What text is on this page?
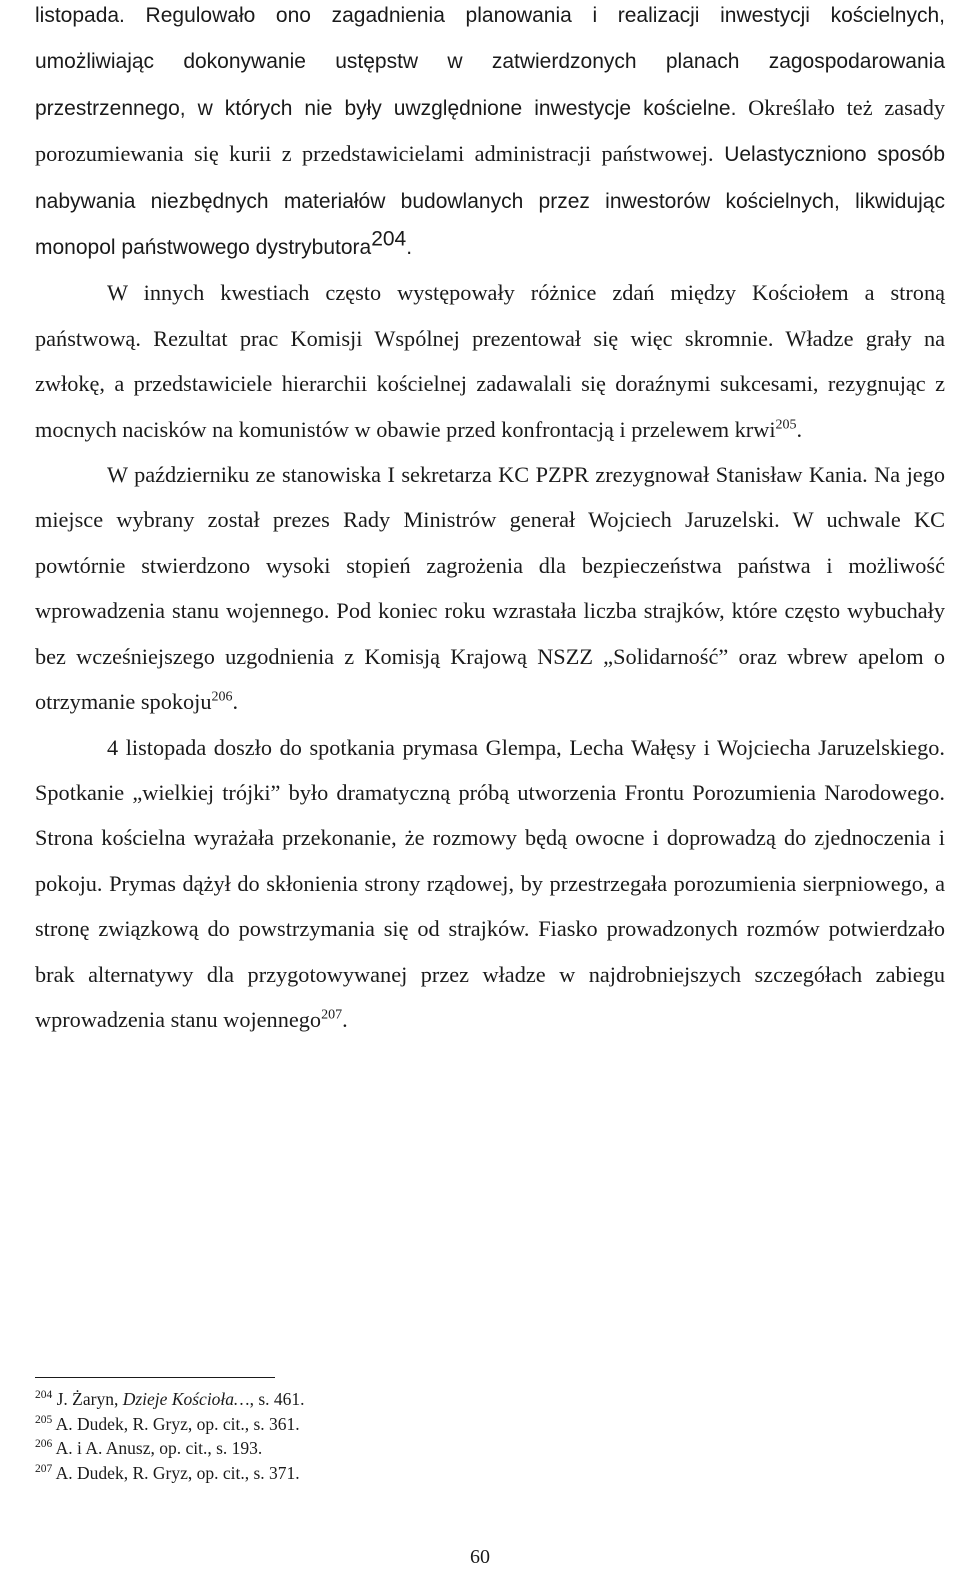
listopada. Regulowało ono zagadnienia planowania i realizacji inwestycji kościelnych, umożliwiając dokonywanie ustępstw w zatwierdzonych planach zagospodarowania przestrzennego, w których nie były uwzględnione inwestycje kościelne. Określało też zasady porozumiewania się kurii z przedstawicielami administracji państwowej. Uelastyczniono sposób nabywania niezbędnych materiałów budowlanych przez inwestorów kościelnych, likwidując monopol państwowego dystrybutora$^{204}$.

W innych kwestiach często występowały różnice zdań między Kościołem a stroną państwową. Rezultat prac Komisji Wspólnej prezentował się więc skromnie. Władze grały na zwłokę, a przedstawiciele hierarchii kościelnej zadawalali się doraźnymi sukcesami, rezygnując z mocnych nacisków na komunistów w obawie przed konfrontacją i przelewem krwi$^{205}$.

W październiku ze stanowiska I sekretarza KC PZPR zrezygnował Stanisław Kania. Na jego miejsce wybrany został prezes Rady Ministrów generał Wojciech Jaruzelski. W uchwale KC powtórnie stwierdzono wysoki stopień zagrożenia dla bezpieczeństwa państwa i możliwość wprowadzenia stanu wojennego. Pod koniec roku wzrastała liczba strajków, które często wybuchały bez wcześniejszego uzgodnienia z Komisją Krajową NSZZ „Solidarność” oraz wbrew apelom o otrzymanie spokoju$^{206}$.

4 listopada doszło do spotkania prymasa Glempa, Lecha Wałęsy i Wojciecha Jaruzelskiego. Spotkanie „wielkiej trójki” było dramatyczną próbą utworzenia Frontu Porozumienia Narodowego. Strona kościelna wyrażała przekonanie, że rozmowy będą owocne i doprowadzą do zjednoczenia i pokoju. Prymas dążył do skłonienia strony rządowej, by przestrzegała porozumienia sierpniowego, a stronę związkową do powstrzymania się od strajków. Fiasko prowadzonych rozmów potwierdzało brak alternatywy dla przygotowywanej przez władze w najdrobniejszych szczegółach zabiegu wprowadzenia stanu wojennego$^{207}$.

$^{204}$ J. Żaryn, Dzieje Kościoła…, s. 461.
$^{205}$ A. Dudek, R. Gryz, op. cit., s. 361.
$^{206}$ A. i A. Anusz, op. cit., s. 193.
$^{207}$ A. Dudek, R. Gryz, op. cit., s. 371.
60
